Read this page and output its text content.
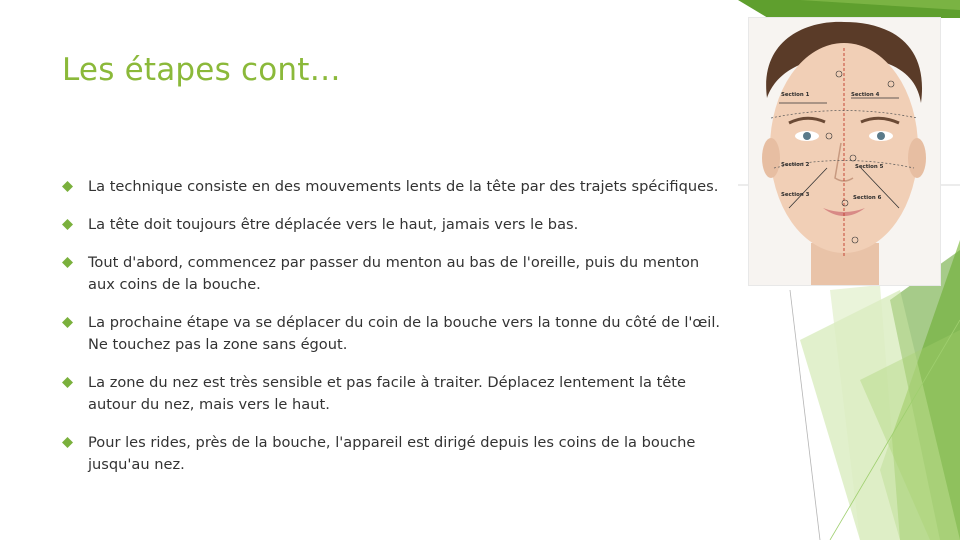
Les étapes cont…
La technique consiste en des mouvements lents de la tête par des trajets spécifiques.
La tête doit toujours être déplacée vers le haut, jamais vers le bas.
Tout d'abord, commencez par passer du menton au bas de l'oreille, puis du menton aux coins de la bouche.
La prochaine étape va se déplacer du coin de la bouche vers la tonne du côté de l'œil. Ne touchez pas la zone sans égout.
La zone du nez est très sensible et pas facile à traiter. Déplacez lentement la tête autour du nez, mais vers le haut.
Pour les rides, près de la bouche, l'appareil est dirigé depuis les coins de la bouche jusqu'au nez.
Section 1	Section 4
Section 2	Section 5
Section 3	Section 6
